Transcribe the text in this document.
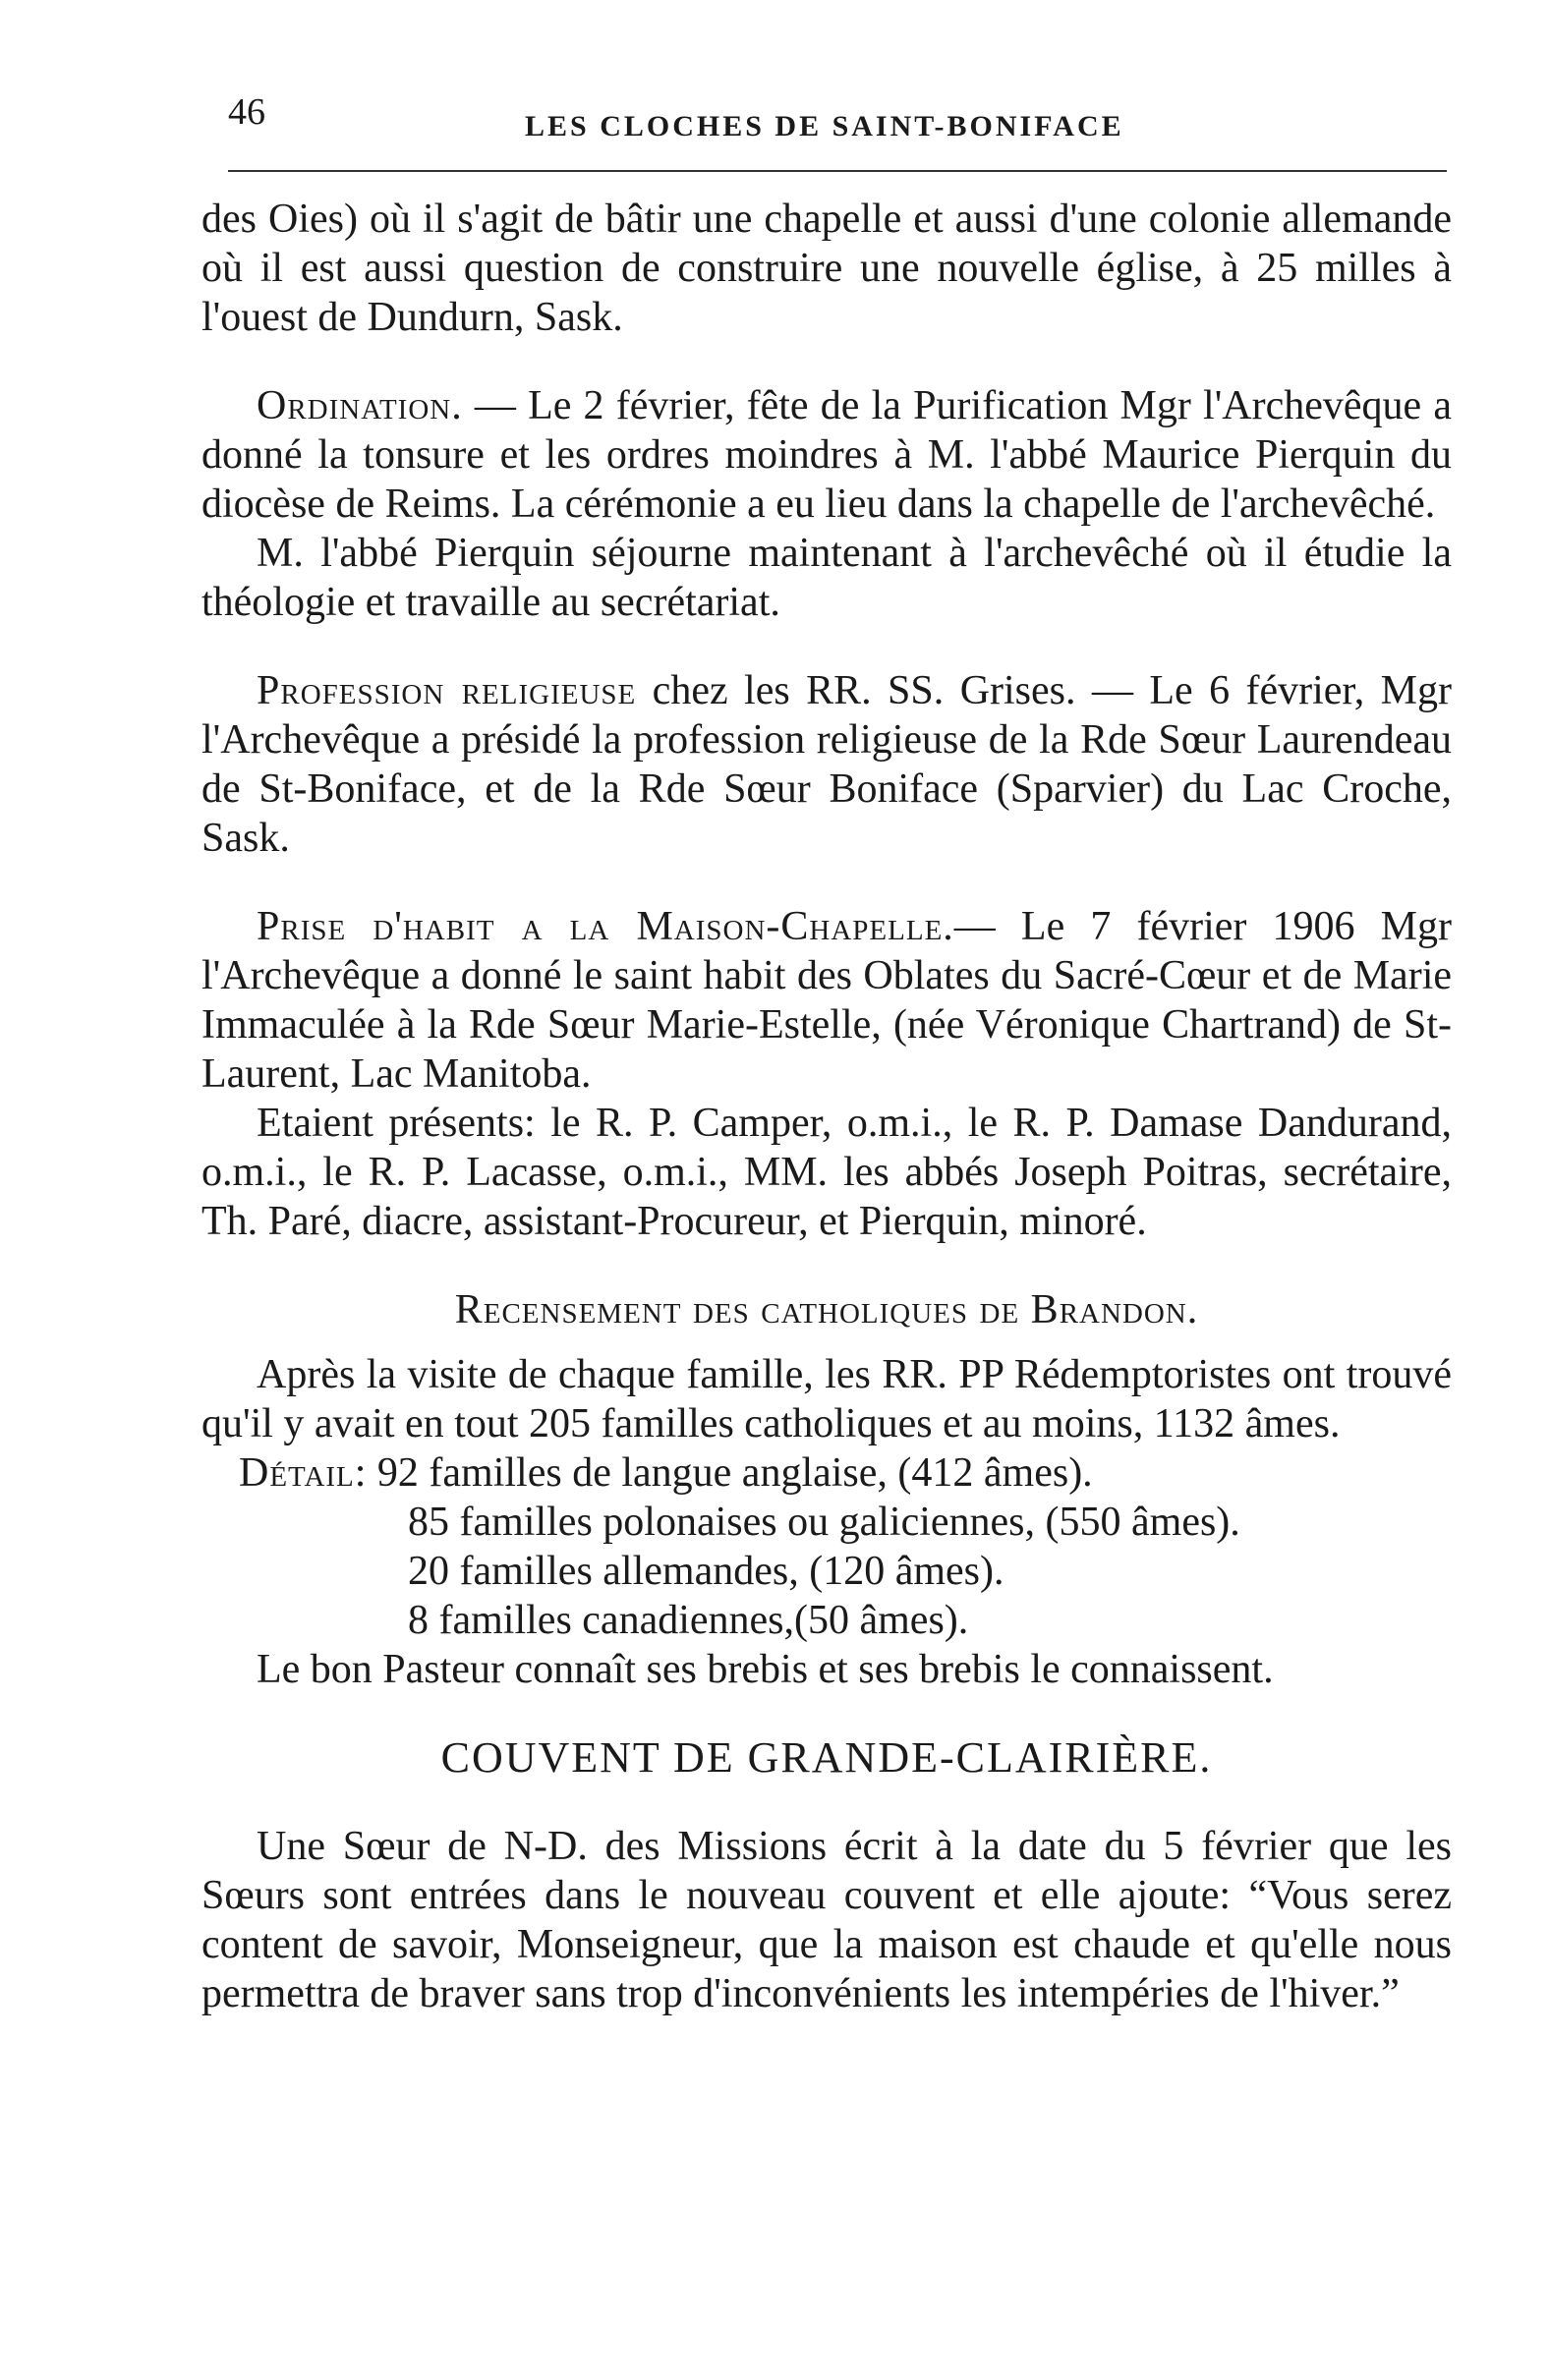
46	LES CLOCHES DE SAINT-BONIFACE

des Oies) où il s'agit de bâtir une chapelle et aussi d'une colonie allemande où il est aussi question de construire une nouvelle église, à 25 milles à l'ouest de Dundurn, Sask.

Ordination. — Le 2 février, fête de la Purification Mgr l'Archevêque a donné la tonsure et les ordres moindres à M. l'abbé Maurice Pierquin du diocèse de Reims. La cérémonie a eu lieu dans la chapelle de l'archevêché.

M. l'abbé Pierquin séjourne maintenant à l'archevêché où il étudie la théologie et travaille au secrétariat.

Profession religieuse chez les RR. SS. Grises. — Le 6 février, Mgr l'Archevêque a présidé la profession religieuse de la Rde Sœur Laurendeau de St-Boniface, et de la Rde Sœur Boniface (Sparvier) du Lac Croche, Sask.

Prise d'habit a la Maison-Chapelle.— Le 7 février 1906 Mgr l'Archevêque a donné le saint habit des Oblates du Sacré-Cœur et de Marie Immaculée à la Rde Sœur Marie-Estelle, (née Véronique Chartrand) de St-Laurent, Lac Manitoba.

Etaient présents: le R. P. Camper, o.m.i., le R. P. Damase Dandurand, o.m.i., le R. P. Lacasse, o.m.i., MM. les abbés Joseph Poitras, secrétaire, Th. Paré, diacre, assistant-Procureur, et Pierquin, minoré.

Recensement des catholiques de Brandon.

Après la visite de chaque famille, les RR. PP Rédemptoristes ont trouvé qu'il y avait en tout 205 familles catholiques et au moins, 1132 âmes.

Détail: 92 familles de langue anglaise, (412 âmes).

85 familles polonaises ou galiciennes, (550 âmes).

20 familles allemandes, (120 âmes).

8 familles canadiennes,(50 âmes).

Le bon Pasteur connaît ses brebis et ses brebis le connaissent.

COUVENT DE GRANDE-CLAIRIÈRE.

Une Sœur de N-D. des Missions écrit à la date du 5 février que les Sœurs sont entrées dans le nouveau couvent et elle ajoute: “Vous serez content de savoir, Monseigneur, que la maison est chaude et qu'elle nous permettra de braver sans trop d'inconvénients les intempéries de l'hiver.”
